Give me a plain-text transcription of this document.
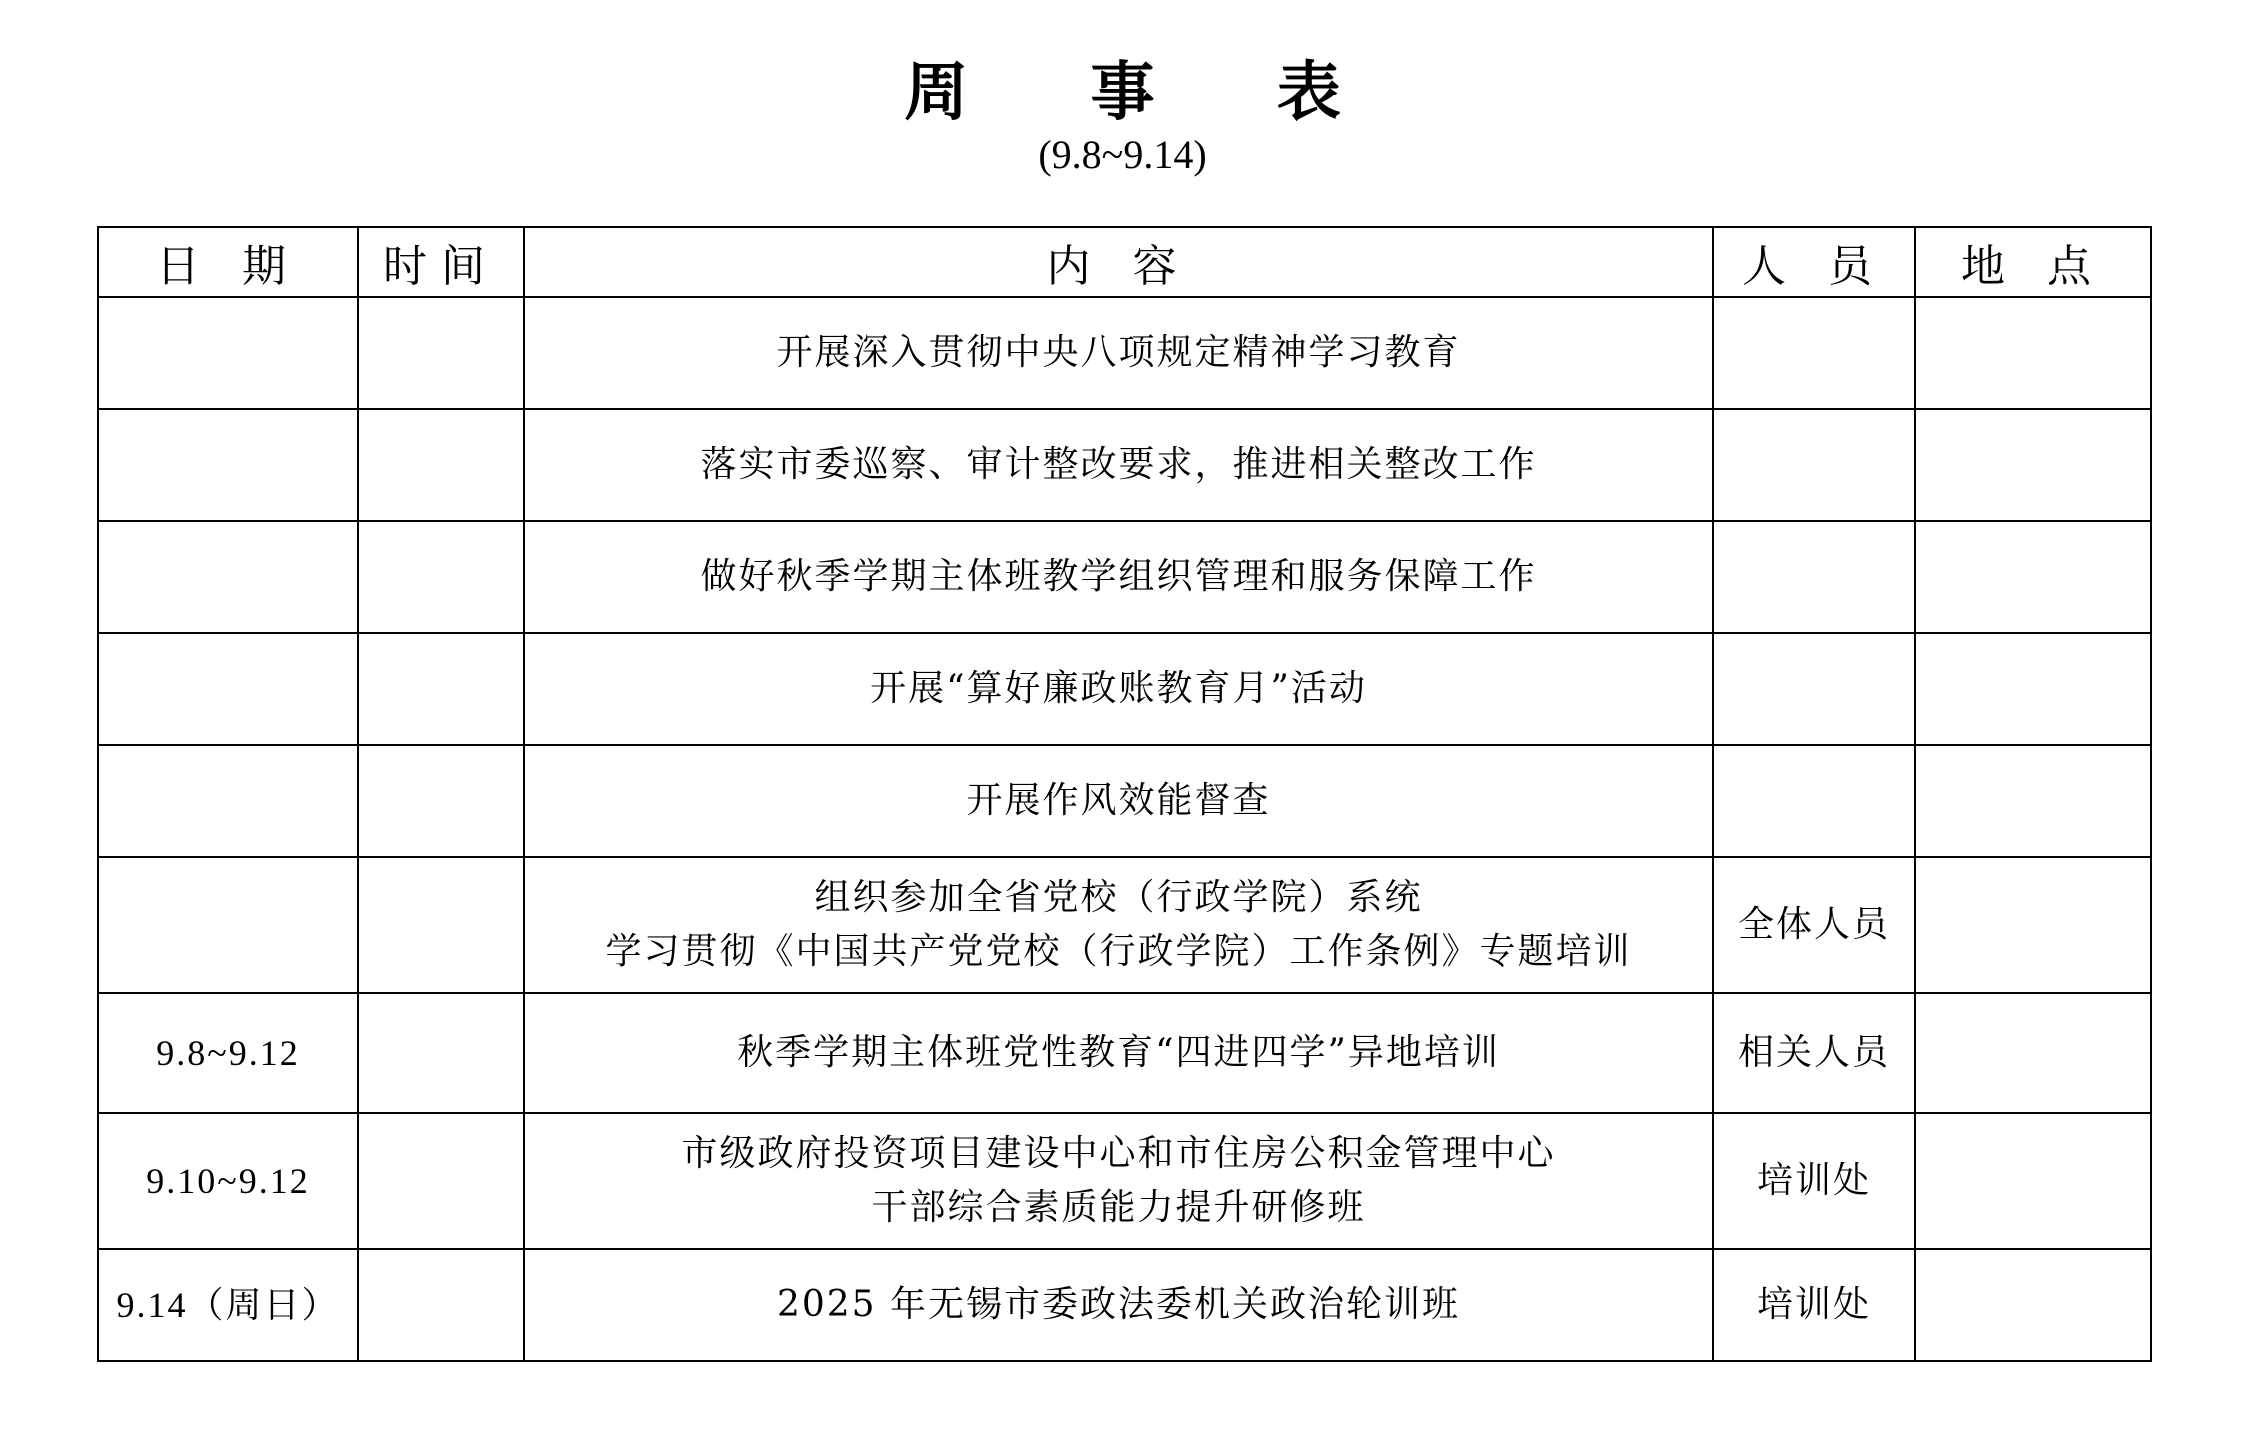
周 事 表
(9.8~9.14)
日 期	时间	内 容	人 员	地 点

		开展深入贯彻中央八项规定精神学习教育		

		落实市委巡察、审计整改要求，推进相关整改工作		

		做好秋季学期主体班教学组织管理和服务保障工作		

		开展“算好廉政账教育月”活动		

		开展作风效能督查		

		组织参加全省党校（行政学院）系统
学习贯彻《中国共产党党校（行政学院）工作条例》专题培训	全体人员	
9.8~9.12		秋季学期主体班党性教育“四进四学”异地培训	相关人员	
9.10~9.12		市级政府投资项目建设中心和市住房公积金管理中心
干部综合素质能力提升研修班	培训处	
9.14（周日）		2025 年无锡市委政法委机关政治轮训班	培训处	
